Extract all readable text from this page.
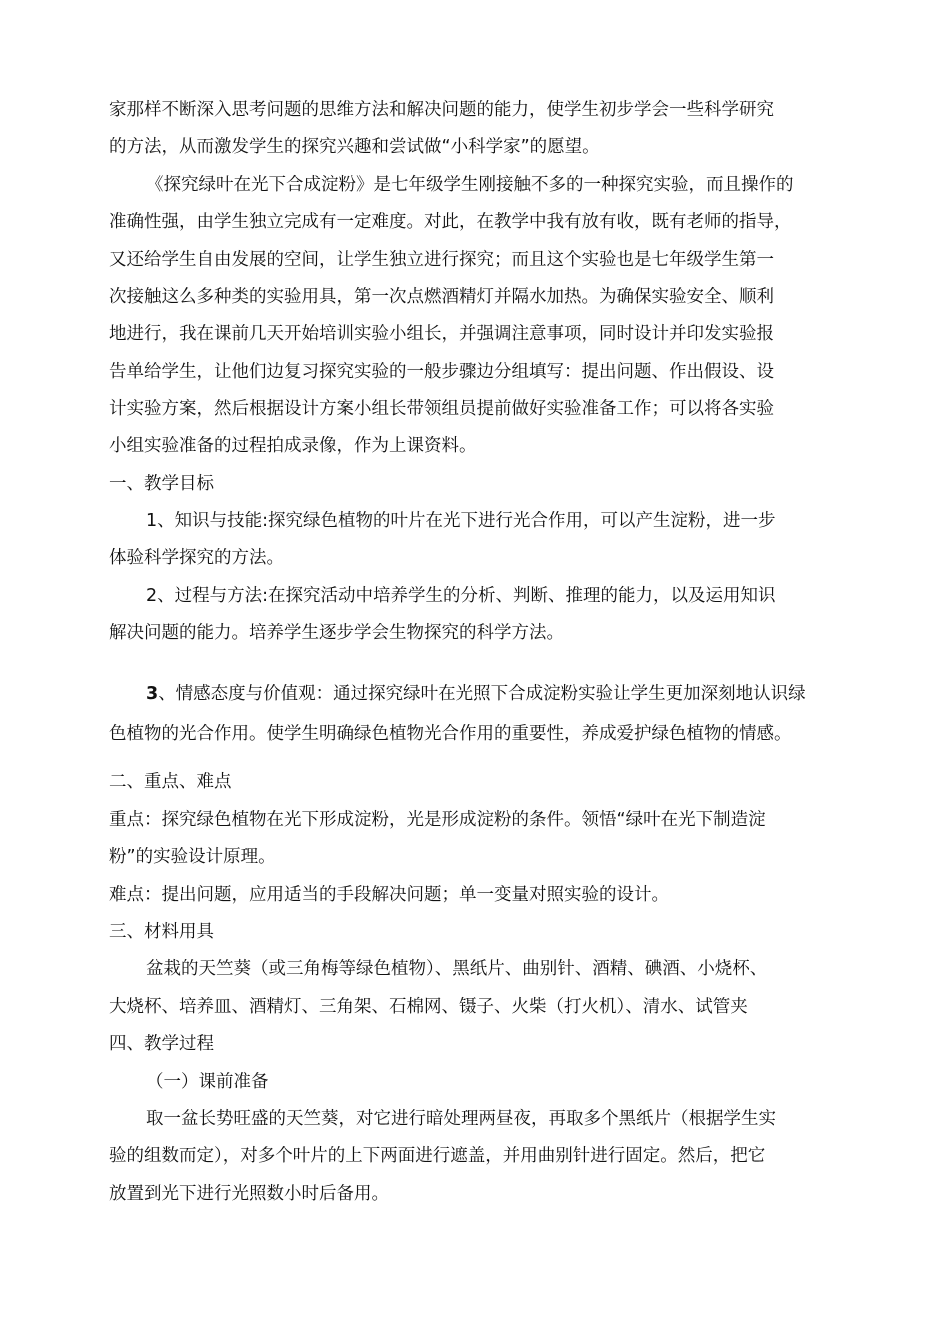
家那样不断深入思考问题的思维方法和解决问题的能力，使学生初步学会一些科学研究

的方法，从而激发学生的探究兴趣和尝试做“小科学家”的愿望。

《探究绿叶在光下合成淀粉》是七年级学生刚接触不多的一种探究实验，而且操作的

准确性强，由学生独立完成有一定难度。对此，在教学中我有放有收，既有老师的指导，

又还给学生自由发展的空间，让学生独立进行探究；而且这个实验也是七年级学生第一

次接触这么多种类的实验用具，第一次点燃酒精灯并隔水加热。为确保实验安全、顺利

地进行，我在课前几天开始培训实验小组长，并强调注意事项，同时设计并印发实验报

告单给学生，让他们边复习探究实验的一般步骤边分组填写：提出问题、作出假设、设

计实验方案，然后根据设计方案小组长带领组员提前做好实验准备工作；可以将各实验

小组实验准备的过程拍成录像，作为上课资料。

一、教学目标

1、知识与技能:探究绿色植物的叶片在光下进行光合作用，可以产生淀粉，进一步

体验科学探究的方法。

2、过程与方法:在探究活动中培养学生的分析、判断、推理的能力，以及运用知识

解决问题的能力。培养学生逐步学会生物探究的科学方法。

3、情感态度与价值观：通过探究绿叶在光照下合成淀粉实验让学生更加深刻地认识绿

色植物的光合作用。使学生明确绿色植物光合作用的重要性，养成爱护绿色植物的情感。

二、重点、难点

重点：探究绿色植物在光下形成淀粉，光是形成淀粉的条件。领悟“绿叶在光下制造淀

粉”的实验设计原理。

难点：提出问题，应用适当的手段解决问题；单一变量对照实验的设计。

三、材料用具

盆栽的天竺葵（或三角梅等绿色植物）、黑纸片、曲别针、酒精、碘酒、小烧杯、

大烧杯、培养皿、酒精灯、三角架、石棉网、镊子、火柴（打火机）、清水、试管夹

四、教学过程

（一）课前准备

取一盆长势旺盛的天竺葵，对它进行暗处理两昼夜，再取多个黑纸片（根据学生实

验的组数而定），对多个叶片的上下两面进行遮盖，并用曲别针进行固定。然后，把它

放置到光下进行光照数小时后备用。
